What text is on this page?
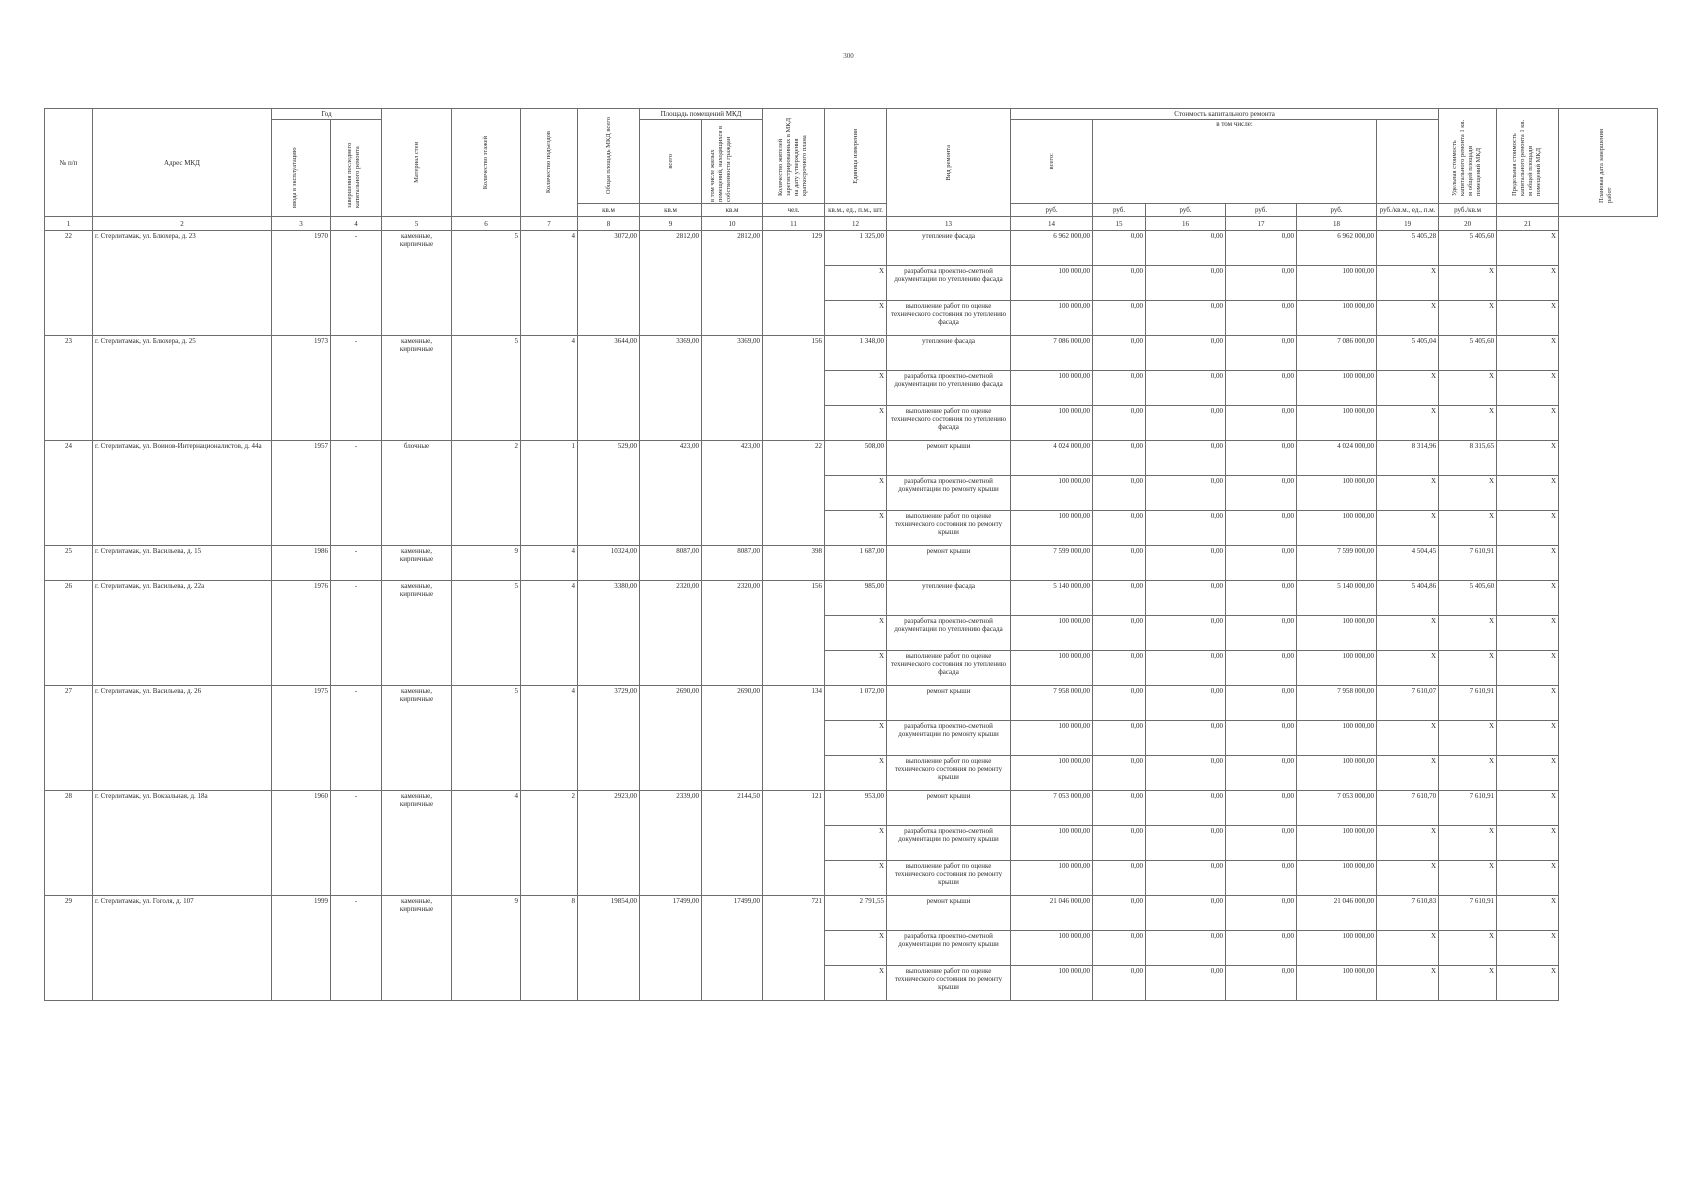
300
№ п/п	Адрес МКД	Год		Материал стен	Количество этажей	Количество подъездов	Общая площадь МКД всего	Площадь помещений МКД		Количество жителей зарегистрированных в МКД на дату утверждения краткосрочного плана	Единица измерения	Вид ремонта	Стоимость капитального ремонта						Удельная стоимость капитального ремонта 1 кв. м общей площади помещений МКД	Предельная стоимость капитального ремонта 1 кв. м общей площади помещений МКД	Плановая дата завершения работ

		ввода в эксплуатацию	завершения последнего капитального ремонта					всего	в том числе жилых помещений, находящихся в собственности граждан				всего:	в том числе:							
							кв.м	кв.м	кв.м	чел.	кв.м., ед., п.м., шт.		руб.	руб.	руб.	руб.	руб.	руб./кв.м., ед., п.м.	руб./кв.м		
1	2	3	4	5	6	7	8	9	10	11	12	13	14	15	16	17	18	19	20	21	
22	г. Стерлитамак, ул. Блюхера, д. 23	1970	-	каменные, кирпичные	5	4	3072,00	2812,00	2812,00	129	1 325,00	утепление фасада	6 962 000,00	0,00	0,00	0,00	6 962 000,00	5 405,28	5 405,60	X	
											X	разработка проектно-сметной документации по утеплению фасада	100 000,00	0,00	0,00	0,00	100 000,00	X	X	X	
											X	выполнение работ по оценке технического состояния по утеплению фасада	100 000,00	0,00	0,00	0,00	100 000,00	X	X	X	
23	г. Стерлитамак, ул. Блюхера, д. 25	1973	-	каменные, кирпичные	5	4	3644,00	3369,00	3369,00	156	1 348,00	утепление фасада	7 086 000,00	0,00	0,00	0,00	7 086 000,00	5 405,04	5 405,60	X	
											X	разработка проектно-сметной документации по утеплению фасада	100 000,00	0,00	0,00	0,00	100 000,00	X	X	X	
											X	выполнение работ по оценке технического состояния по утеплению фасада	100 000,00	0,00	0,00	0,00	100 000,00	X	X	X	
24	г. Стерлитамак, ул. Воинов-Интернационалистов, д. 44а	1957	-	блочные	2	1	529,00	423,00	423,00	22	508,00	ремонт крыши	4 024 000,00	0,00	0,00	0,00	4 024 000,00	8 314,96	8 315,65	X	
											X	разработка проектно-сметной документации по ремонту крыши	100 000,00	0,00	0,00	0,00	100 000,00	X	X	X	
											X	выполнение работ по оценке технического состояния по ремонту крыши	100 000,00	0,00	0,00	0,00	100 000,00	X	X	X	
25	г. Стерлитамак, ул. Васильева, д. 15	1986	-	каменные, кирпичные	9	4	10324,00	8087,00	8087,00	398	1 687,00	ремонт крыши	7 599 000,00	0,00	0,00	0,00	7 599 000,00	4 504,45	7 610,91	X	
26	г. Стерлитамак, ул. Васильева, д. 22а	1976	-	каменные, кирпичные	5	4	3380,00	2320,00	2320,00	156	985,00	утепление фасада	5 140 000,00	0,00	0,00	0,00	5 140 000,00	5 404,86	5 405,60	X	
											X	разработка проектно-сметной документации по утеплению фасада	100 000,00	0,00	0,00	0,00	100 000,00	X	X	X	
											X	выполнение работ по оценке технического состояния по утеплению фасада	100 000,00	0,00	0,00	0,00	100 000,00	X	X	X	
27	г. Стерлитамак, ул. Васильева, д. 26	1975	-	каменные, кирпичные	5	4	3729,00	2690,00	2690,00	134	1 072,00	ремонт крыши	7 958 000,00	0,00	0,00	0,00	7 958 000,00	7 610,07	7 610,91	X	
											X	разработка проектно-сметной документации по ремонту крыши	100 000,00	0,00	0,00	0,00	100 000,00	X	X	X	
											X	выполнение работ по оценке технического состояния по ремонту крыши	100 000,00	0,00	0,00	0,00	100 000,00	X	X	X	
28	г. Стерлитамак, ул. Вокзальная, д. 18а	1960	-	каменные, кирпичные	4	2	2923,00	2339,00	2144,50	121	953,00	ремонт крыши	7 053 000,00	0,00	0,00	0,00	7 053 000,00	7 610,70	7 610,91	X	
											X	разработка проектно-сметной документации по ремонту крыши	100 000,00	0,00	0,00	0,00	100 000,00	X	X	X	
											X	выполнение работ по оценке технического состояния по ремонту крыши	100 000,00	0,00	0,00	0,00	100 000,00	X	X	X	
29	г. Стерлитамак, ул. Гоголя, д. 107	1999	-	каменные, кирпичные	9	8	19854,00	17499,00	17499,00	721	2 791,55	ремонт крыши	21 046 000,00	0,00	0,00	0,00	21 046 000,00	7 610,83	7 610,91	X	
											X	разработка проектно-сметной документации по ремонту крыши	100 000,00	0,00	0,00	0,00	100 000,00	X	X	X	
											X	выполнение работ по оценке технического состояния по ремонту крыши	100 000,00	0,00	0,00	0,00	100 000,00	X	X	X	
